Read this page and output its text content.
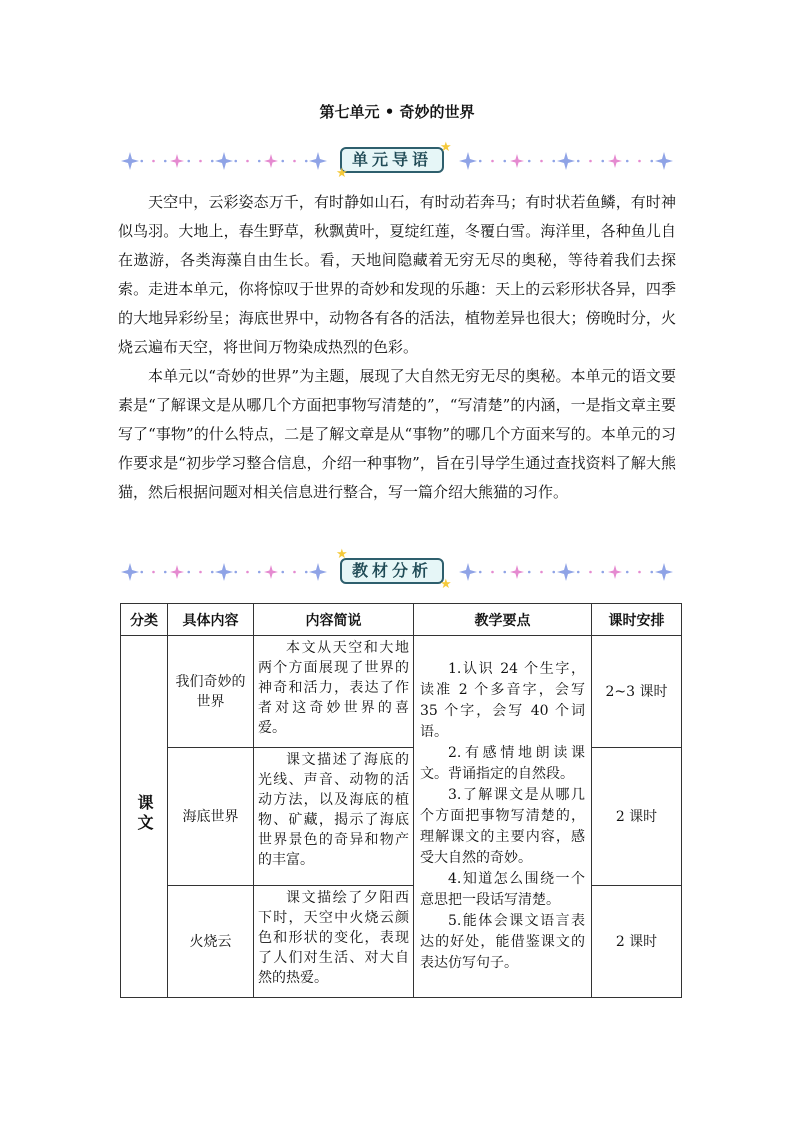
第七单元 • 奇妙的世界
单元导语
★
★

天空中，云彩姿态万千，有时静如山石，有时动若奔马；有时状若鱼鳞，有时神似鸟羽。大地上，春生野草，秋飘黄叶，夏绽红莲，冬覆白雪。海洋里，各种鱼儿自在遨游，各类海藻自由生长。看，天地间隐藏着无穷无尽的奥秘，等待着我们去探索。走进本单元，你将惊叹于世界的奇妙和发现的乐趣：天上的云彩形状各异，四季的大地异彩纷呈；海底世界中，动物各有各的活法，植物差异也很大；傍晚时分，火烧云遍布天空，将世间万物染成热烈的色彩。

本单元以“奇妙的世界”为主题，展现了大自然无穷无尽的奥秘。本单元的语文要素是“了解课文是从哪几个方面把事物写清楚的”，“写清楚”的内涵，一是指文章主要写了“事物”的什么特点，二是了解文章是从“事物”的哪几个方面来写的。本单元的习作要求是“初步学习整合信息，介绍一种事物”，旨在引导学生通过查找资料了解大熊猫，然后根据问题对相关信息进行整合，写一篇介绍大熊猫的习作。

教材分析
★
★
分类	具体内容	内容简说	教学要点	课时安排
课文	我们奇妙的世界	本文从天空和大地两个方面展现了世界的神奇和活力，表达了作者对这奇妙世界的喜爱。	1.认识 24 个生字，读准 2 个多音字，会写 35 个字，会写 40 个词语。

2.有感情地朗读课文。背诵指定的自然段。

3.了解课文是从哪几个方面把事物写清楚的，理解课文的主要内容，感受大自然的奇妙。

4.知道怎么围绕一个意思把一段话写清楚。

5.能体会课文语言表达的好处，能借鉴课文的表达仿写句子。	2~3 课时
	海底世界	课文描述了海底的光线、声音、动物的活动方法，以及海底的植物、矿藏，揭示了海底世界景色的奇异和物产的丰富。		2 课时
	火烧云	课文描绘了夕阳西下时，天空中火烧云颜色和形状的变化，表现了人们对生活、对大自然的热爱。		2 课时
